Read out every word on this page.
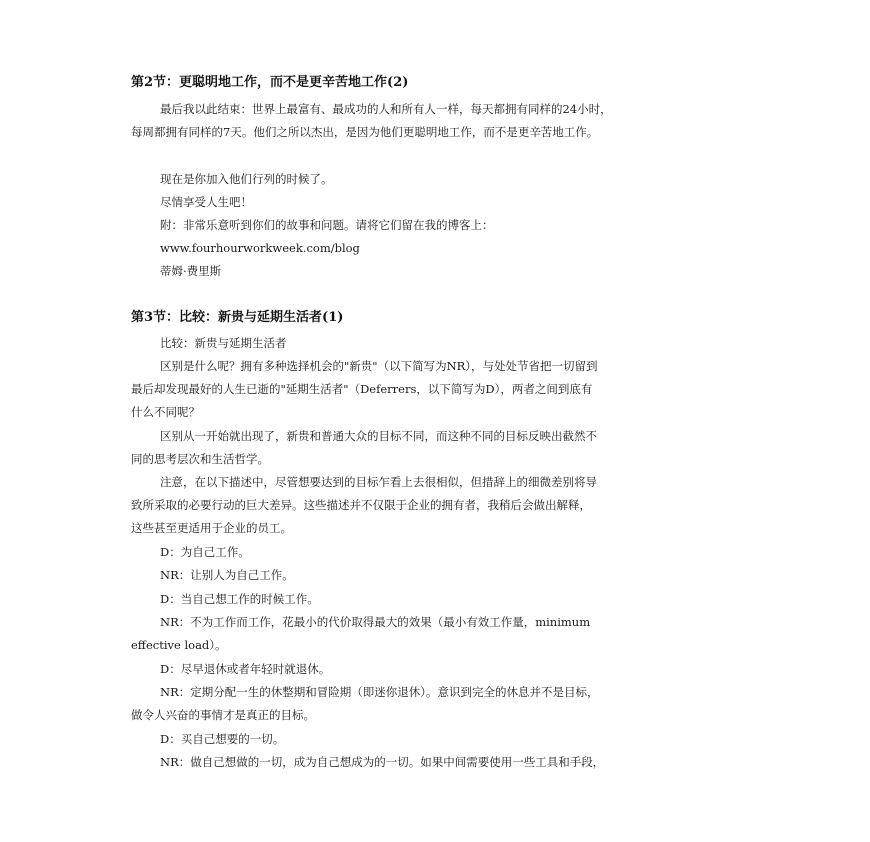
第2节：更聪明地工作，而不是更辛苦地工作(2)
最后我以此结束：世界上最富有、最成功的人和所有人一样，每天都拥有同样的24小时，
每周都拥有同样的7天。他们之所以杰出，是因为他们更聪明地工作，而不是更辛苦地工作。
现在是你加入他们行列的时候了。
尽情享受人生吧！
附：非常乐意听到你们的故事和问题。请将它们留在我的博客上：
www.fourhourworkweek.com/blog
蒂姆·费里斯
第3节：比较：新贵与延期生活者(1)
比较：新贵与延期生活者
区别是什么呢？拥有多种选择机会的"新贵"（以下简写为NR），与处处节省把一切留到
最后却发现最好的人生已逝的"延期生活者"（Deferrers，以下简写为D），两者之间到底有
什么不同呢？
区别从一开始就出现了，新贵和普通大众的目标不同，而这种不同的目标反映出截然不
同的思考层次和生活哲学。
注意，在以下描述中，尽管想要达到的目标乍看上去很相似，但措辞上的细微差别将导
致所采取的必要行动的巨大差异。这些描述并不仅限于企业的拥有者，我稍后会做出解释，
这些甚至更适用于企业的员工。
D：为自己工作。
NR：让别人为自己工作。
D：当自己想工作的时候工作。
NR：不为工作而工作，花最小的代价取得最大的效果（最小有效工作量，minimum
effective load）。
D：尽早退休或者年轻时就退休。
NR：定期分配一生的休整期和冒险期（即迷你退休）。意识到完全的休息并不是目标，
做令人兴奋的事情才是真正的目标。
D：买自己想要的一切。
NR：做自己想做的一切，成为自己想成为的一切。如果中间需要使用一些工具和手段，
